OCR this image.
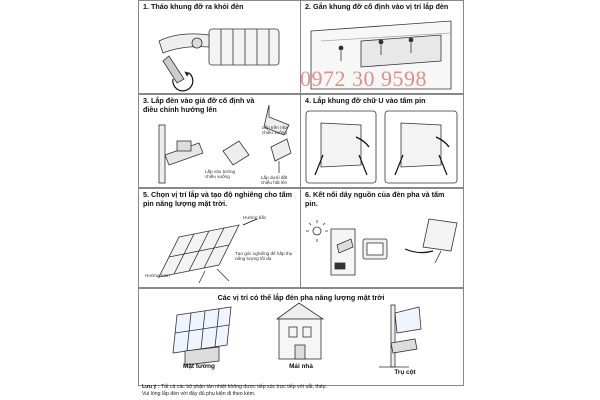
1. Tháo khung đỡ ra khỏi đèn	2. Gắn khung đỡ cố định vào vị trí lắp đèn
3. Lắp đèn vào giá đỡ cố định và điều chỉnh hướng lên
Lắp trên nhà chiều xuống
Lắp vào tường chiều xuống	Lắp dưới đất chiều hất lên
4. Lắp khung đỡ chữ U vào tấm pin
5. Chọn vị trí lắp và tạo độ nghiêng cho tấm pin năng lượng mặt trời.
Hướng bắc
Hướng nam
Tạo góc nghiêng để hấp thụ năng lượng tối đa
6. Kết nối dây nguồn của đèn pha và tấm pin.
Các vị trí có thể lắp đèn pha năng lượng mặt trời
Mặt tường	Mái nhà
Trụ cột
Lưu ý : Tất cả các bộ phận tản nhiệt không được tiếp xúc trực tiếp với sắt, thép.
Vui lòng lắp đèn với đầy đủ phụ kiện đi theo kèm.
0972 30 9598
